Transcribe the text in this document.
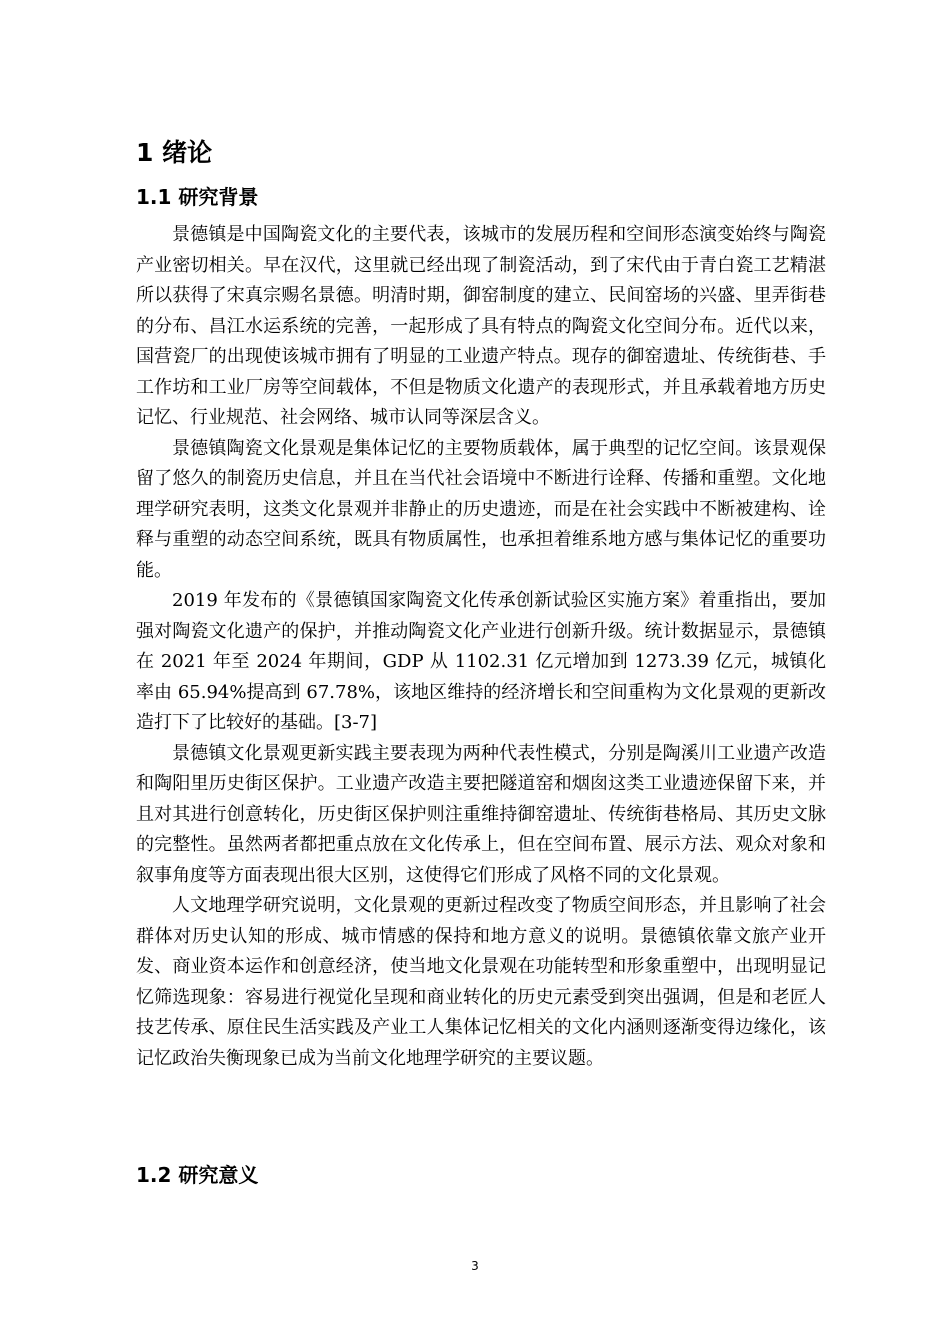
1 绪论
1.1 研究背景

景德镇是中国陶瓷文化的主要代表，该城市的发展历程和空间形态演变始终与陶瓷产业密切相关。早在汉代，这里就已经出现了制瓷活动，到了宋代由于青白瓷工艺精湛所以获得了宋真宗赐名景德。明清时期，御窑制度的建立、民间窑场的兴盛、里弄街巷的分布、昌江水运系统的完善，一起形成了具有特点的陶瓷文化空间分布。近代以来，国营瓷厂的出现使该城市拥有了明显的工业遗产特点。现存的御窑遗址、传统街巷、手工作坊和工业厂房等空间载体，不但是物质文化遗产的表现形式，并且承载着地方历史记忆、行业规范、社会网络、城市认同等深层含义。

景德镇陶瓷文化景观是集体记忆的主要物质载体，属于典型的记忆空间。该景观保留了悠久的制瓷历史信息，并且在当代社会语境中不断进行诠释、传播和重塑。文化地理学研究表明，这类文化景观并非静止的历史遗迹，而是在社会实践中不断被建构、诠释与重塑的动态空间系统，既具有物质属性，也承担着维系地方感与集体记忆的重要功能。

2019 年发布的《景德镇国家陶瓷文化传承创新试验区实施方案》着重指出，要加强对陶瓷文化遗产的保护，并推动陶瓷文化产业进行创新升级。统计数据显示，景德镇在 2021 年至 2024 年期间，GDP 从 1102.31 亿元增加到 1273.39 亿元，城镇化率由 65.94%提高到 67.78%，该地区维持的经济增长和空间重构为文化景观的更新改造打下了比较好的基础。[3-7]

景德镇文化景观更新实践主要表现为两种代表性模式，分别是陶溪川工业遗产改造和陶阳里历史街区保护。工业遗产改造主要把隧道窑和烟囱这类工业遗迹保留下来，并且对其进行创意转化，历史街区保护则注重维持御窑遗址、传统街巷格局、其历史文脉的完整性。虽然两者都把重点放在文化传承上，但在空间布置、展示方法、观众对象和叙事角度等方面表现出很大区别，这使得它们形成了风格不同的文化景观。

人文地理学研究说明，文化景观的更新过程改变了物质空间形态，并且影响了社会群体对历史认知的形成、城市情感的保持和地方意义的说明。景德镇依靠文旅产业开发、商业资本运作和创意经济，使当地文化景观在功能转型和形象重塑中，出现明显记忆筛选现象：容易进行视觉化呈现和商业转化的历史元素受到突出强调，但是和老匠人技艺传承、原住民生活实践及产业工人集体记忆相关的文化内涵则逐渐变得边缘化，该记忆政治失衡现象已成为当前文化地理学研究的主要议题。

1.2 研究意义
3
